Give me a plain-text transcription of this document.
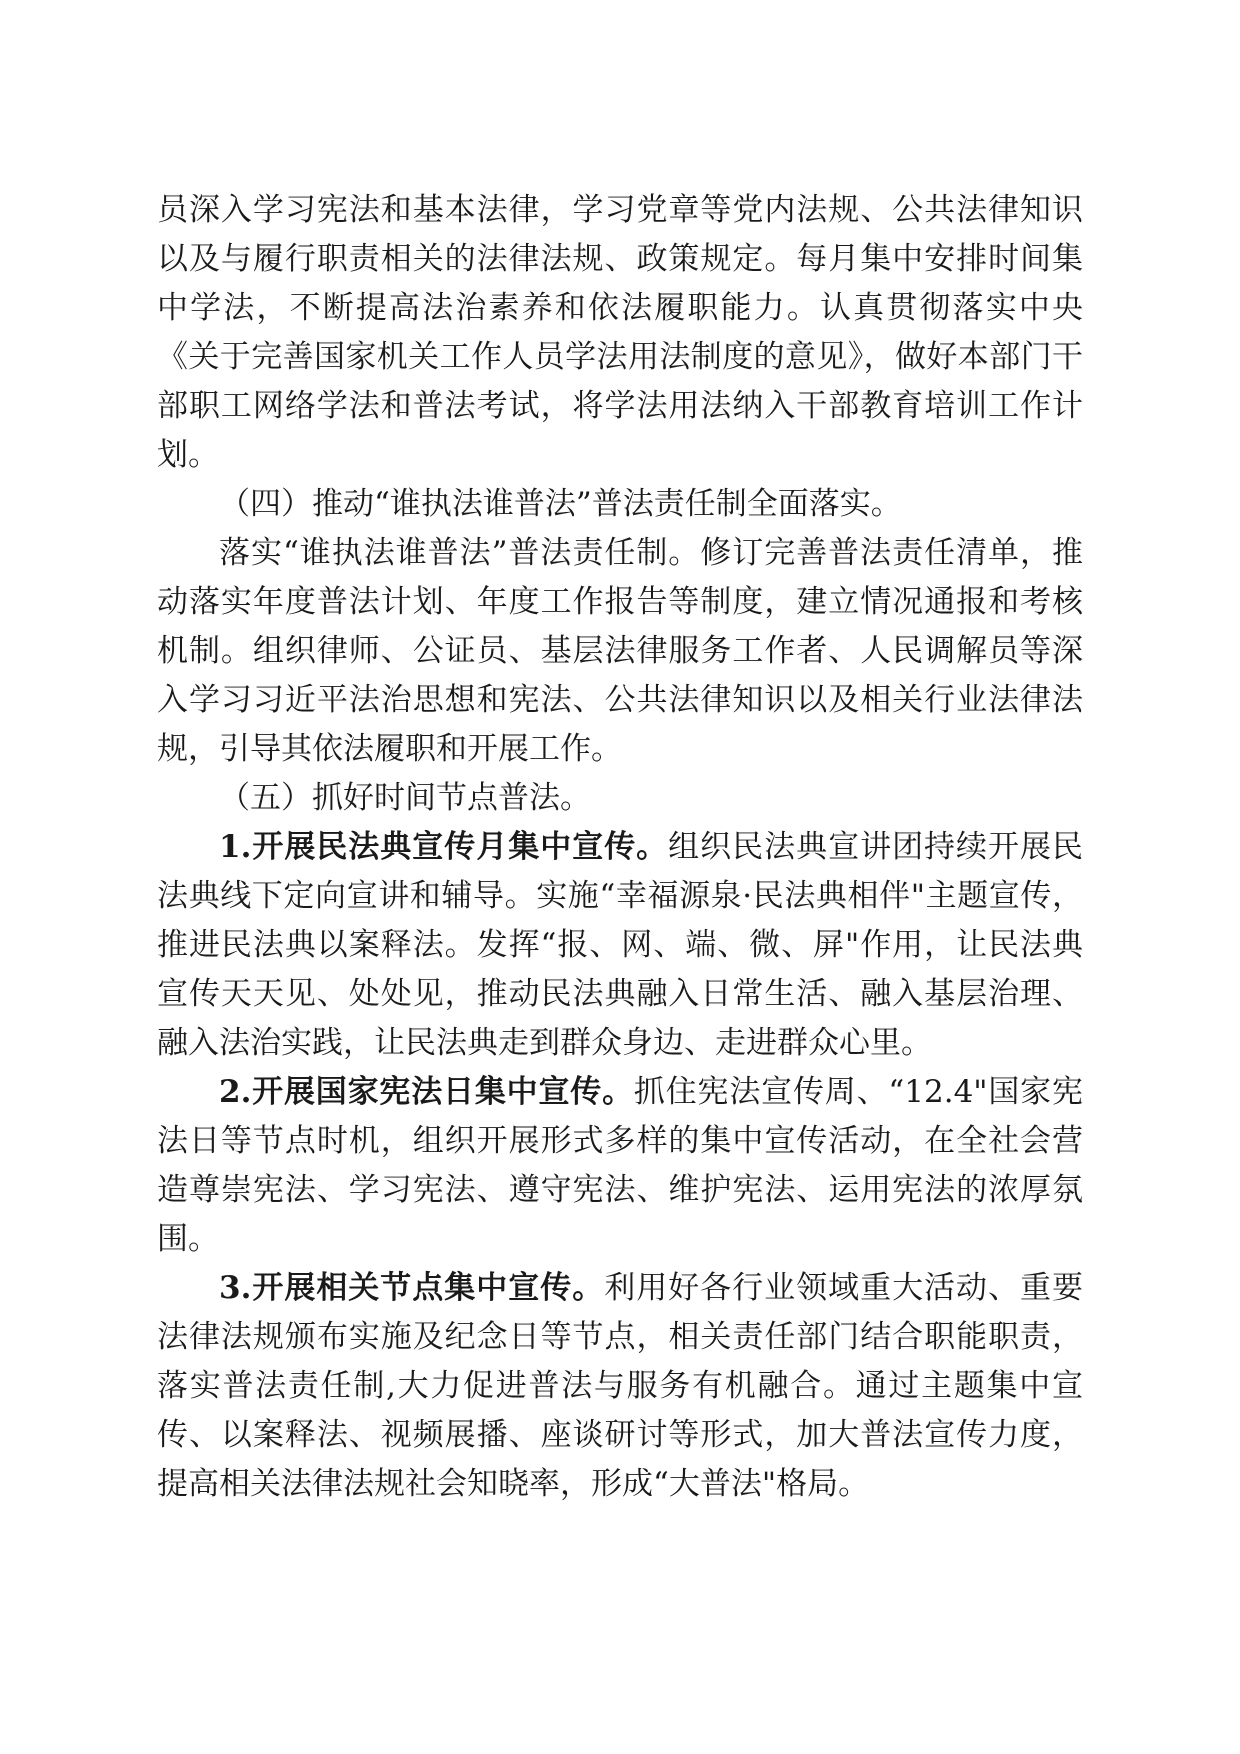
员深入学习宪法和基本法律，学习党章等党内法规、公共法律知识以及与履行职责相关的法律法规、政策规定。每月集中安排时间集中学法，不断提高法治素养和依法履职能力。认真贯彻落实中央《关于完善国家机关工作人员学法用法制度的意见》，做好本部门干部职工网络学法和普法考试，将学法用法纳入干部教育培训工作计划。

（四）推动“谁执法谁普法”普法责任制全面落实。

落实“谁执法谁普法”普法责任制。修订完善普法责任清单，推动落实年度普法计划、年度工作报告等制度，建立情况通报和考核机制。组织律师、公证员、基层法律服务工作者、人民调解员等深入学习习近平法治思想和宪法、公共法律知识以及相关行业法律法规，引导其依法履职和开展工作。

（五）抓好时间节点普法。

1.开展民法典宣传月集中宣传。组织民法典宣讲团持续开展民法典线下定向宣讲和辅导。实施“幸福源泉·民法典相伴"主题宣传，推进民法典以案释法。发挥“报、网、端、微、屏"作用，让民法典宣传天天见、处处见，推动民法典融入日常生活、融入基层治理、融入法治实践，让民法典走到群众身边、走进群众心里。

2.开展国家宪法日集中宣传。抓住宪法宣传周、“12.4"国家宪法日等节点时机，组织开展形式多样的集中宣传活动，在全社会营造尊崇宪法、学习宪法、遵守宪法、维护宪法、运用宪法的浓厚氛围。

3.开展相关节点集中宣传。利用好各行业领域重大活动、重要法律法规颁布实施及纪念日等节点，相关责任部门结合职能职责，落实普法责任制,大力促进普法与服务有机融合。通过主题集中宣传、以案释法、视频展播、座谈研讨等形式，加大普法宣传力度，提高相关法律法规社会知晓率，形成“大普法"格局。
